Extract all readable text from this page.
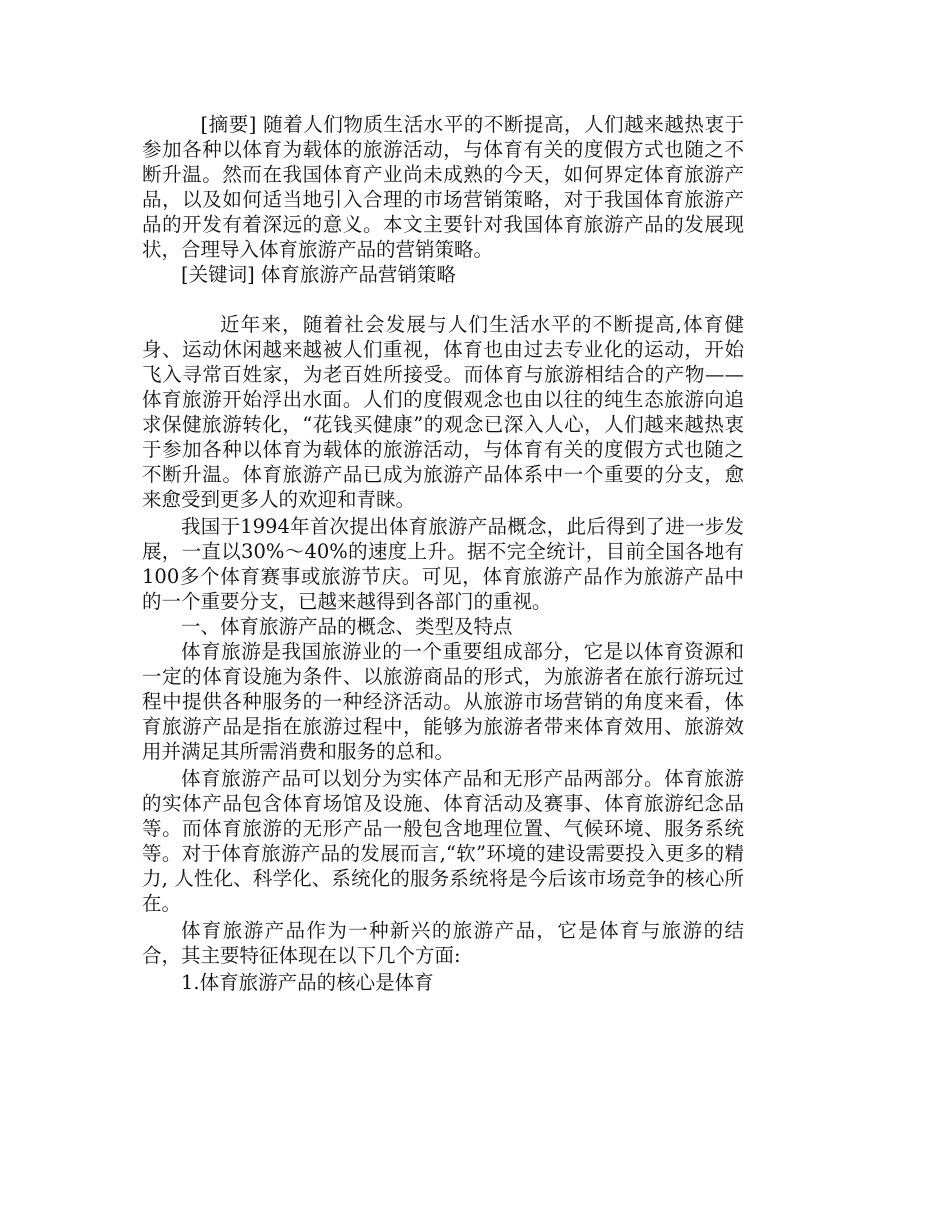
[摘要] 随着人们物质生活水平的不断提高，人们越来越热衷于参加各种以体育为载体的旅游活动，与体育有关的度假方式也随之不断升温。然而在我国体育产业尚未成熟的今天，如何界定体育旅游产品，以及如何适当地引入合理的市场营销策略，对于我国体育旅游产品的开发有着深远的意义。本文主要针对我国体育旅游产品的发展现状，合理导入体育旅游产品的营销策略。

[关键词] 体育旅游产品营销策略

近年来，随着社会发展与人们生活水平的不断提高,体育健身、运动休闲越来越被人们重视，体育也由过去专业化的运动，开始飞入寻常百姓家，为老百姓所接受。而体育与旅游相结合的产物——体育旅游开始浮出水面。人们的度假观念也由以往的纯生态旅游向追求保健旅游转化，“花钱买健康”的观念已深入人心，人们越来越热衷于参加各种以体育为载体的旅游活动，与体育有关的度假方式也随之不断升温。体育旅游产品已成为旅游产品体系中一个重要的分支，愈来愈受到更多人的欢迎和青睐。

我国于1994年首次提出体育旅游产品概念，此后得到了进一步发展，一直以30%～40%的速度上升。据不完全统计，目前全国各地有100多个体育赛事或旅游节庆。可见，体育旅游产品作为旅游产品中的一个重要分支，已越来越得到各部门的重视。

一、体育旅游产品的概念、类型及特点

体育旅游是我国旅游业的一个重要组成部分，它是以体育资源和一定的体育设施为条件、以旅游商品的形式，为旅游者在旅行游玩过程中提供各种服务的一种经济活动。从旅游市场营销的角度来看，体育旅游产品是指在旅游过程中，能够为旅游者带来体育效用、旅游效用并满足其所需消费和服务的总和。

体育旅游产品可以划分为实体产品和无形产品两部分。体育旅游的实体产品包含体育场馆及设施、体育活动及赛事、体育旅游纪念品等。而体育旅游的无形产品一般包含地理位置、气候环境、服务系统等。对于体育旅游产品的发展而言,“软”环境的建设需要投入更多的精力, 人性化、科学化、系统化的服务系统将是今后该市场竞争的核心所在。

体育旅游产品作为一种新兴的旅游产品，它是体育与旅游的结合，其主要特征体现在以下几个方面:

1.体育旅游产品的核心是体育
